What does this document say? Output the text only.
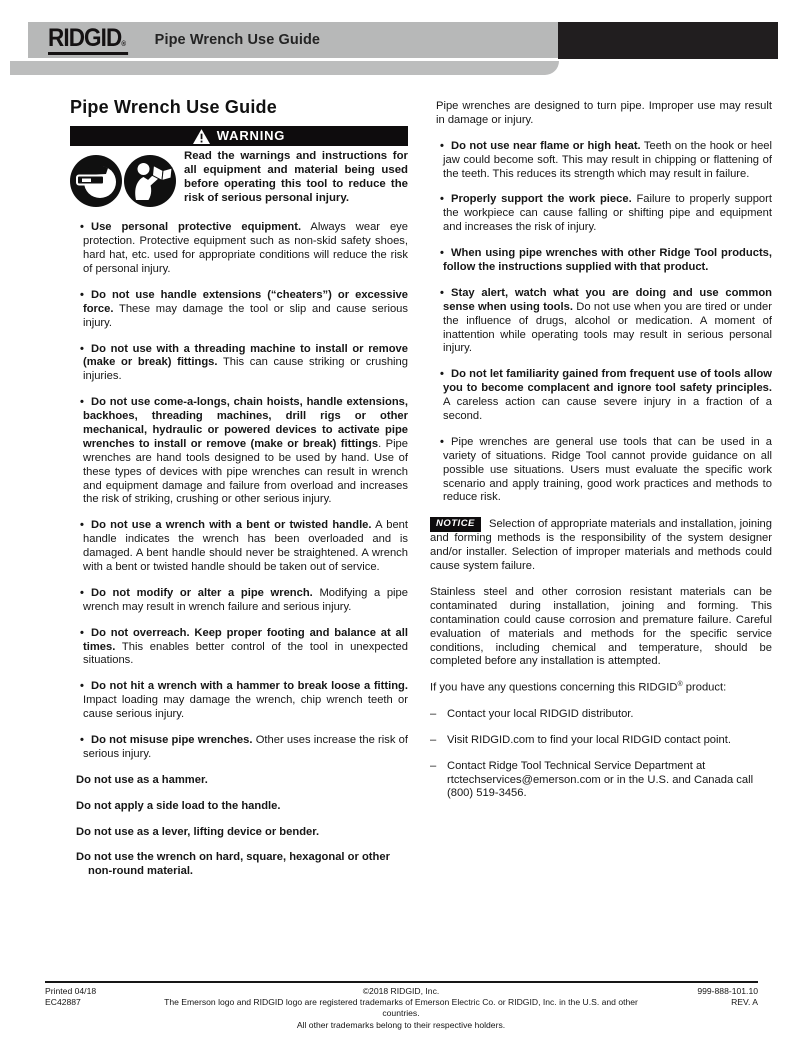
RIDGID® Pipe Wrench Use Guide
Pipe Wrench Use Guide
WARNING
Read the warnings and instructions for all equipment and material being used before operating this tool to reduce the risk of serious personal injury.
• Use personal protective equipment. Always wear eye protection. Protective equipment such as non-skid safety shoes, hard hat, etc. used for appropriate conditions will reduce the risk of personal injury.
• Do not use handle extensions (“cheaters”) or excessive force. These may damage the tool or slip and cause serious injury.
• Do not use with a threading machine to install or remove (make or break) fittings. This can cause striking or crushing injuries.
• Do not use come-a-longs, chain hoists, handle extensions, backhoes, threading machines, drill rigs or other mechanical, hydraulic or powered devices to activate pipe wrenches to install or remove (make or break) fittings. Pipe wrenches are hand tools designed to be used by hand. Use of these types of devices with pipe wrenches can result in wrench and equipment damage and failure from overload and increases the risk of striking, crushing or other serious injury.
• Do not use a wrench with a bent or twisted handle. A bent handle indicates the wrench has been overloaded and is damaged. A bent handle should never be straightened. A wrench with a bent or twisted handle should be taken out of service.
• Do not modify or alter a pipe wrench. Modifying a pipe wrench may result in wrench failure and serious injury.
• Do not overreach. Keep proper footing and balance at all times. This enables better control of the tool in unexpected situations.
• Do not hit a wrench with a hammer to break loose a fitting. Impact loading may damage the wrench, chip wrench teeth or cause serious injury.
• Do not misuse pipe wrenches. Other uses increase the risk of serious injury.
Do not use as a hammer.
Do not apply a side load to the handle.
Do not use as a lever, lifting device or bender.
Do not use the wrench on hard, square, hexagonal or other non-round material.

Pipe wrenches are designed to turn pipe. Improper use may result in damage or injury.

• Do not use near flame or high heat. Teeth on the hook or heel jaw could become soft. This may result in chipping or flattening of the teeth. This reduces its strength which may result in failure.
• Properly support the work piece. Failure to properly support the workpiece can cause falling or shifting pipe and equipment and increases the risk of injury.
• When using pipe wrenches with other Ridge Tool products, follow the instructions supplied with that product.
• Stay alert, watch what you are doing and use common sense when using tools. Do not use when you are tired or under the influence of drugs, alcohol or medication. A moment of inattention while operating tools may result in serious personal injury.
• Do not let familiarity gained from frequent use of tools allow you to become complacent and ignore tool safety principles. A careless action can cause severe injury in a fraction of a second.
• Pipe wrenches are general use tools that can be used in a variety of situations. Ridge Tool cannot provide guidance on all possible use situations. Users must evaluate the specific work scenario and apply training, good work practices and methods to reduce risk.

NOTICE Selection of appropriate materials and installation, joining and forming methods is the responsibility of the system designer and/or installer. Selection of improper materials and methods could cause system failure.

Stainless steel and other corrosion resistant materials can be contaminated during installation, joining and forming. This contamination could cause corrosion and premature failure. Careful evaluation of materials and methods for the specific service conditions, including chemical and temperature, should be completed before any installation is attempted.

If you have any questions concerning this RIDGID® product:

– Contact your local RIDGID distributor.
– Visit RIDGID.com to find your local RIDGID contact point.
– Contact Ridge Tool Technical Service Department at rtctechservices@emerson.com or in the U.S. and Canada call (800) 519-3456.
Printed 04/18
EC42887
©2018 RIDGID, Inc.
The Emerson logo and RIDGID logo are registered trademarks of Emerson Electric Co. or RIDGID, Inc. in the U.S. and other countries.
All other trademarks belong to their respective holders.
999-888-101.10
REV. A
